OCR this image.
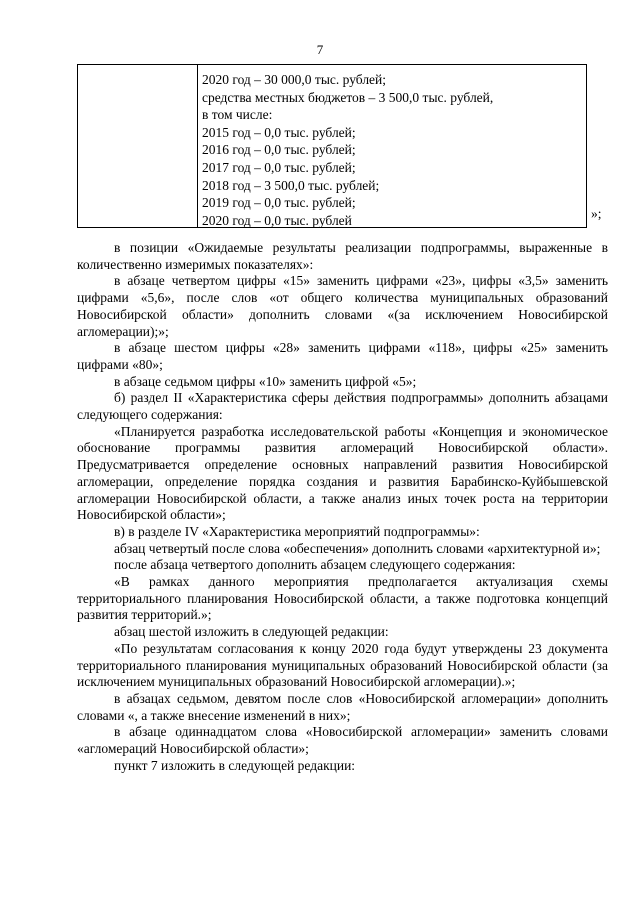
7
2020 год – 30 000,0 тыс. рублей;
средства местных бюджетов – 3 500,0 тыс. рублей,
в том числе:
2015 год – 0,0 тыс. рублей;
2016 год – 0,0 тыс. рублей;
2017 год – 0,0 тыс. рублей;
2018 год – 3 500,0 тыс. рублей;
2019 год – 0,0 тыс. рублей;
2020 год – 0,0 тыс. рублей	»;

в позиции «Ожидаемые результаты реализации подпрограммы, выраженные в количественно измеримых показателях»:

в абзаце четвертом цифры «15» заменить цифрами «23», цифры «3,5» заменить цифрами «5,6», после слов «от общего количества муниципальных образований Новосибирской области» дополнить словами «(за исключением Новосибирской агломерации);»;

в абзаце шестом цифры «28» заменить цифрами «118», цифры «25» заменить цифрами «80»;

в абзаце седьмом цифры «10» заменить цифрой «5»;

б) раздел II «Характеристика сферы действия подпрограммы» дополнить абзацами следующего содержания:

«Планируется разработка исследовательской работы «Концепция и экономическое обоснование программы развития агломераций Новосибирской области». Предусматривается определение основных направлений развития Новосибирской агломерации, определение порядка создания и развития Барабинско-Куйбышевской агломерации Новосибирской области, а также анализ иных точек роста на территории Новосибирской области»;

в) в разделе IV «Характеристика мероприятий подпрограммы»:

абзац четвертый после слова «обеспечения» дополнить словами «архитектурной и»;

после абзаца четвертого дополнить абзацем следующего содержания:

«В рамках данного мероприятия предполагается актуализация схемы территориального планирования Новосибирской области, а также подготовка концепций развития территорий.»;

абзац шестой изложить в следующей редакции:

«По результатам согласования к концу 2020 года будут утверждены 23 документа территориального планирования муниципальных образований Новосибирской области (за исключением муниципальных образований Новосибирской агломерации).»;

в абзацах седьмом, девятом после слов «Новосибирской агломерации» дополнить словами «, а также внесение изменений в них»;

в абзаце одиннадцатом слова «Новосибирской агломерации» заменить словами «агломераций Новосибирской области»;

пункт 7 изложить в следующей редакции:
